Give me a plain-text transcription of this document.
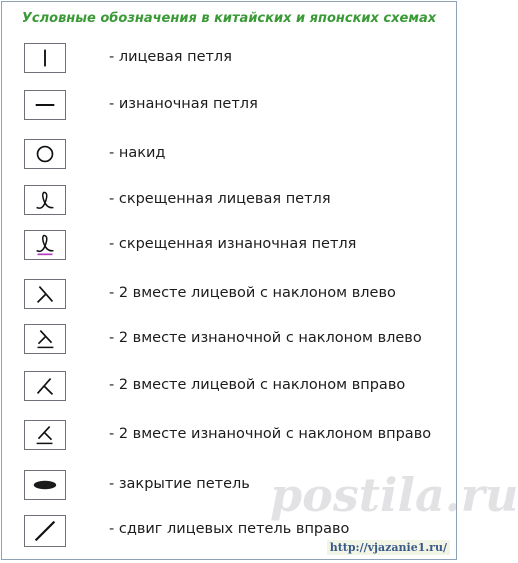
Условные обозначения в китайских и японских схемах
- лицевая петля
- изнаночная петля
- накид
- скрещенная лицевая петля
- скрещенная изнаночная петля
- 2 вместе лицевой с наклоном влево
- 2 вместе изнаночной с наклоном влево
- 2 вместе лицевой с наклоном вправо
- 2 вместе изнаночной с наклоном вправо
- закрытие петель
- сдвиг лицевых петель вправо
postila.ru
http://vjazanie1.ru/
